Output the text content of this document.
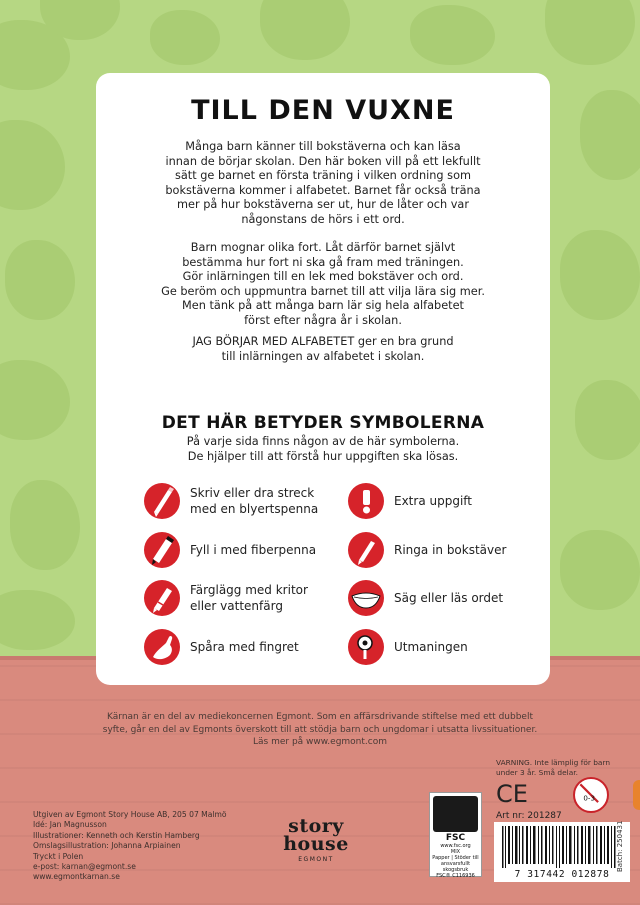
TILL DEN VUXNE
Många barn känner till bokstäverna och kan läsa
innan de börjar skolan. Den här boken vill på ett lekfullt
sätt ge barnet en första träning i vilken ordning som
bokstäverna kommer i alfabetet. Barnet får också träna
mer på hur bokstäverna ser ut, hur de låter och var
någonstans de hörs i ett ord.
Barn mognar olika fort. Låt därför barnet självt
bestämma hur fort ni ska gå fram med träningen.
Gör inlärningen till en lek med bokstäver och ord.
Ge beröm och uppmuntra barnet till att vilja lära sig mer.
Men tänk på att många barn lär sig hela alfabetet
först efter några år i skolan.
JAG BÖRJAR MED ALFABETET ger en bra grund
till inlärningen av alfabetet i skolan.
DET HÄR BETYDER SYMBOLERNA
På varje sida finns någon av de här symbolerna.
De hjälper till att förstå hur uppgiften ska lösas.
Skriv eller dra streck
med en blyertspenna
Fyll i med fiberpenna
Färglägg med kritor
eller vattenfärg
Spåra med fingret
Extra uppgift
Ringa in bokstäver
Säg eller läs ordet
Utmaningen
Kärnan är en del av mediekoncernen Egmont. Som en affärsdrivande stiftelse med ett dubbelt
syfte, går en del av Egmonts överskott till att stödja barn och ungdomar i utsatta livssituationer.
Läs mer på www.egmont.com
Utgiven av Egmont Story House AB, 205 07 Malmö
Idé: Jan Magnusson
Illustrationer: Kenneth och Kerstin Hamberg
Omslagsillustration: Johanna Arpiainen
Tryckt i Polen
e-post: karnan@egmont.se
www.egmontkarnan.se
story
house
EGMONT
FSC
www.fsc.org
MIX
Papper | Stöder till ansvarsfullt skogsbruk
FSC® C116936
VARNING. Inte lämplig för barn
under 3 år. Små delar.
CE	0-3
Art nr: 201287
7 317442 012878
Batch: 250431
